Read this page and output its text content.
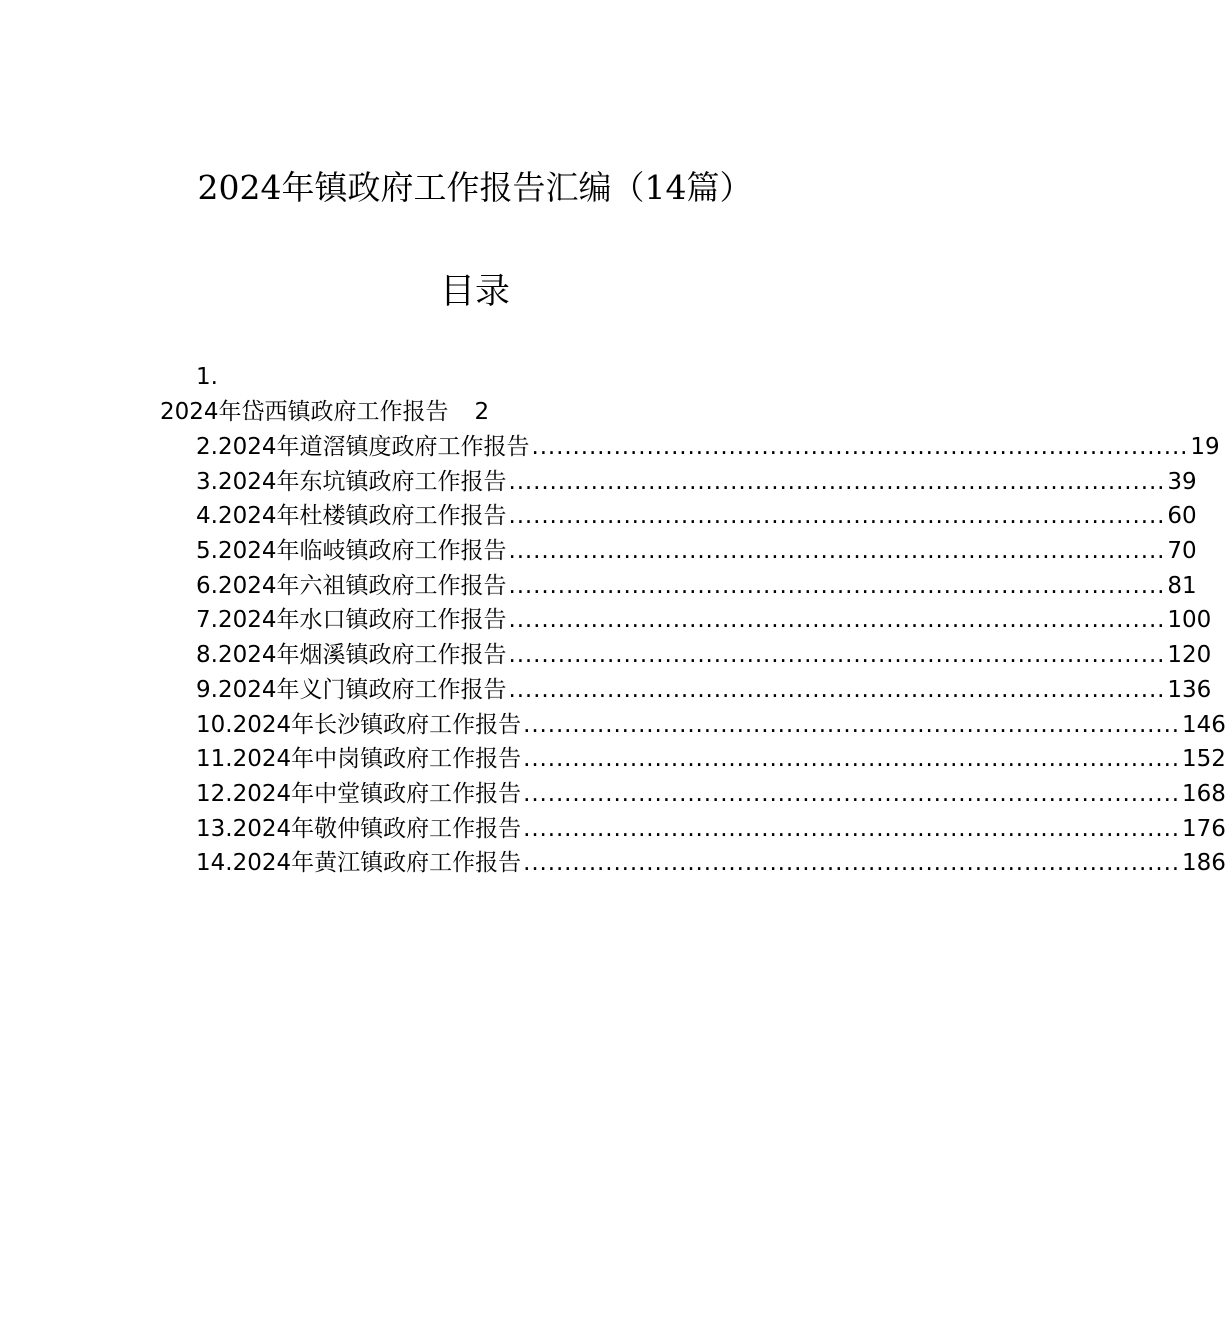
2024年镇政府工作报告汇编（14篇）
目录
1.
2024年岱西镇政府工作报告 2
2.2024年道滘镇度政府工作报告 ................................................................................ 19
3.2024年东坑镇政府工作报告 ................................................................................ 39
4.2024年杜楼镇政府工作报告 ................................................................................ 60
5.2024年临岐镇政府工作报告 ................................................................................ 70
6.2024年六祖镇政府工作报告 ................................................................................ 81
7.2024年水口镇政府工作报告 ................................................................................ 100
8.2024年烟溪镇政府工作报告 ................................................................................ 120
9.2024年义门镇政府工作报告 ................................................................................ 136
10.2024年长沙镇政府工作报告 ................................................................................ 146
11.2024年中岗镇政府工作报告 ................................................................................ 152
12.2024年中堂镇政府工作报告 ................................................................................ 168
13.2024年敬仲镇政府工作报告 ................................................................................ 176
14.2024年黄江镇政府工作报告 ................................................................................ 186
